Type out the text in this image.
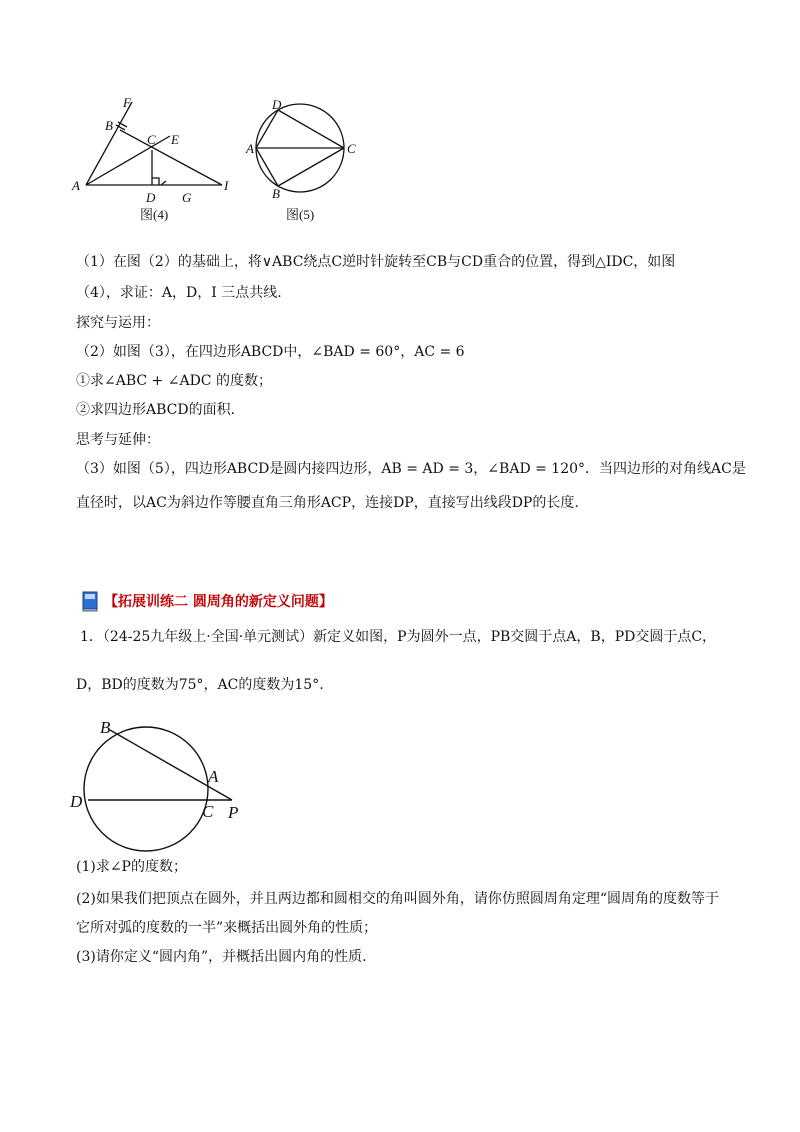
F
B
C E
A
D G
I
图(4)
D
A	C
B
图(5)
（1）在图（2）的基础上，将∨ABC绕点C逆时针旋转至CB与CD重合的位置，得到△IDC，如图
（4），求证：A，D，I 三点共线.
探究与运用：
（2）如图（3），在四边形ABCD中，∠BAD = 60°，AC = 6
①求∠ABC + ∠ADC 的度数；
②求四边形ABCD的面积.
思考与延伸：
（3）如图（5），四边形ABCD是圆内接四边形，AB = AD = 3，∠BAD = 120°．当四边形的对角线AC是
直径时，以AC为斜边作等腰直角三角形ACP，连接DP，直接写出线段DP的长度.
【拓展训练二 圆周角的新定义问题】
1．（24-25九年级上·全国·单元测试）新定义如图，P为圆外一点，PB交圆于点A，B，PD交圆于点C，
D，BD的度数为75°，AC的度数为15°.
B
A
D
C P
(1)求∠P的度数；
(2)如果我们把顶点在圆外，并且两边都和圆相交的角叫圆外角，请你仿照圆周角定理“圆周角的度数等于
它所对弧的度数的一半”来概括出圆外角的性质；
(3)请你定义“圆内角”，并概括出圆内角的性质.
